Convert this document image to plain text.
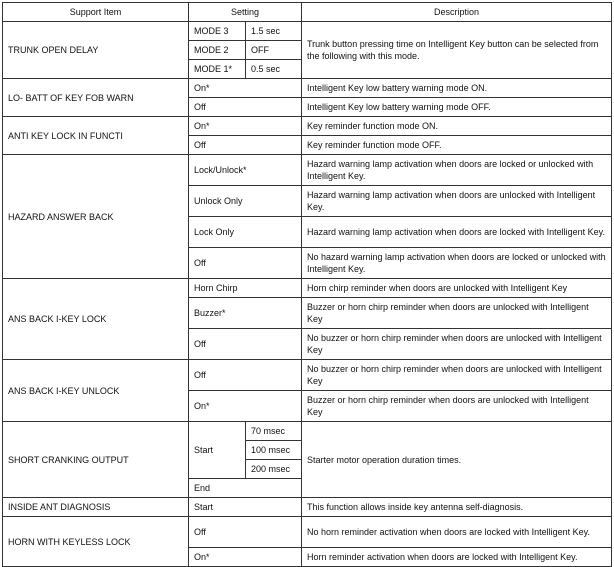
Support Item	Setting		Description
TRUNK OPEN DELAY	MODE 3	1.5 sec	Trunk button pressing time on Intelligent Key button can be selected from the following with this mode.
	MODE 2	OFF	
	MODE 1*	0.5 sec	
LO- BATT OF KEY FOB WARN	On*		Intelligent Key low battery warning mode ON.
	Off		Intelligent Key low battery warning mode OFF.
ANTI KEY LOCK IN FUNCTI	On*		Key reminder function mode ON.
	Off		Key reminder function mode OFF.
HAZARD ANSWER BACK	Lock/Unlock*		Hazard warning lamp activation when doors are locked or unlocked with Intelligent Key.
	Unlock Only		Hazard warning lamp activation when doors are unlocked with Intelligent Key.
	Lock Only		Hazard warning lamp activation when doors are locked with Intelligent Key.
	Off		No hazard warning lamp activation when doors are locked or unlocked with Intelligent Key.
ANS BACK I-KEY LOCK	Horn Chirp		Horn chirp reminder when doors are unlocked with Intelligent Key
	Buzzer*		Buzzer or horn chirp reminder when doors are unlocked with Intelligent Key
	Off		No buzzer or horn chirp reminder when doors are unlocked with Intelligent Key
ANS BACK I-KEY UNLOCK	Off		No buzzer or horn chirp reminder when doors are unlocked with Intelligent Key
	On*		Buzzer or horn chirp reminder when doors are unlocked with Intelligent Key
SHORT CRANKING OUTPUT	Start	70 msec	Starter motor operation duration times.
		100 msec	
		200 msec	
	End		
INSIDE ANT DIAGNOSIS	Start		This function allows inside key antenna self-diagnosis.
HORN WITH KEYLESS LOCK	Off		No horn reminder activation when doors are locked with Intelligent Key.
	On*		Horn reminder activation when doors are locked with Intelligent Key.
